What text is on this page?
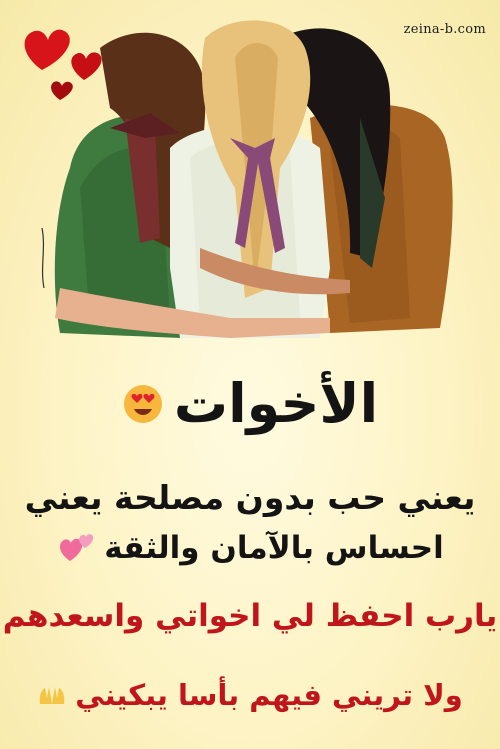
zeina-b.com
الأخوات
يعني حب بدون مصلحة يعني
احساس بالآمان والثقة
يارب احفظ لي اخواتي واسعدهم
ولا تريني فيهم بأسا يبكيني
